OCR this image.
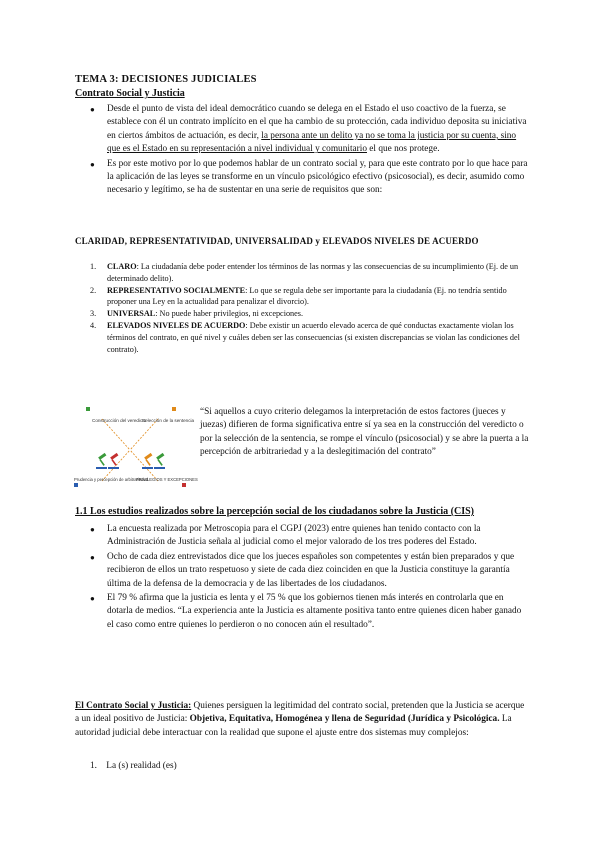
TEMA 3: DECISIONES JUDICIALES
Contrato Social y Justicia
● Desde el punto de vista del ideal democrático cuando se delega en el Estado el uso coactivo de la fuerza, se establece con él un contrato implícito en el que ha cambio de su protección, cada individuo deposita su iniciativa en ciertos ámbitos de actuación, es decir, la persona ante un delito ya no se toma la justicia por su cuenta, sino que es el Estado en su representación a nivel individual y comunitario el que nos protege.
● Es por este motivo por lo que podemos hablar de un contrato social y, para que este contrato por lo que hace para la aplicación de las leyes se transforme en un vínculo psicológico efectivo (psicosocial), es decir, asumido como necesario y legítimo, se ha de sustentar en una serie de requisitos que son:
CLARIDAD, REPRESENTATIVIDAD, UNIVERSALIDAD y ELEVADOS NIVELES DE ACUERDO
1. CLARO: La ciudadanía debe poder entender los términos de las normas y las consecuencias de su incumplimiento (Ej. de un determinado delito).
2. REPRESENTATIVO SOCIALMENTE: Lo que se regula debe ser importante para la ciudadanía (Ej. no tendría sentido proponer una Ley en la actualidad para penalizar el divorcio).
3. UNIVERSAL: No puede haber privilegios, ni excepciones.
4. ELEVADOS NIVELES DE ACUERDO: Debe existir un acuerdo elevado acerca de qué conductas exactamente violan los términos del contrato, en qué nivel y cuáles deben ser las consecuencias (si existen discrepancias se violan las condiciones del contrato).
Construcción del veredicto
Selección de la sentencia
Prudencia y percepción de arbitrariedad
PRIVILEGIOS Y EXCEPCIONES
“Si aquellos a cuyo criterio delegamos la interpretación de estos factores (jueces y juezas) difieren de forma significativa entre sí ya sea en la construcción del veredicto o por la selección de la sentencia, se rompe el vínculo (psicosocial) y se abre la puerta a la percepción de arbitrariedad y a la deslegitimación del contrato”
1.1 Los estudios realizados sobre la percepción social de los ciudadanos sobre la Justicia (CIS)
● La encuesta realizada por Metroscopia para el CGPJ (2023) entre quienes han tenido contacto con la Administración de Justicia señala al judicial como el mejor valorado de los tres poderes del Estado.
● Ocho de cada diez entrevistados dice que los jueces españoles son competentes y están bien preparados y que recibieron de ellos un trato respetuoso y siete de cada diez coinciden en que la Justicia constituye la garantía última de la defensa de la democracia y de las libertades de los ciudadanos.
● El 79 % afirma que la justicia es lenta y el 75 % que los gobiernos tienen más interés en controlarla que en dotarla de medios. “La experiencia ante la Justicia es altamente positiva tanto entre quienes dicen haber ganado el caso como entre quienes lo perdieron o no conocen aún el resultado”.
El Contrato Social y Justicia: Quienes persiguen la legitimidad del contrato social, pretenden que la Justicia se acerque a un ideal positivo de Justicia: Objetiva, Equitativa, Homogénea y llena de Seguridad (Jurídica y Psicológica. La autoridad judicial debe interactuar con la realidad que supone el ajuste entre dos sistemas muy complejos:
1. La (s) realidad (es)
